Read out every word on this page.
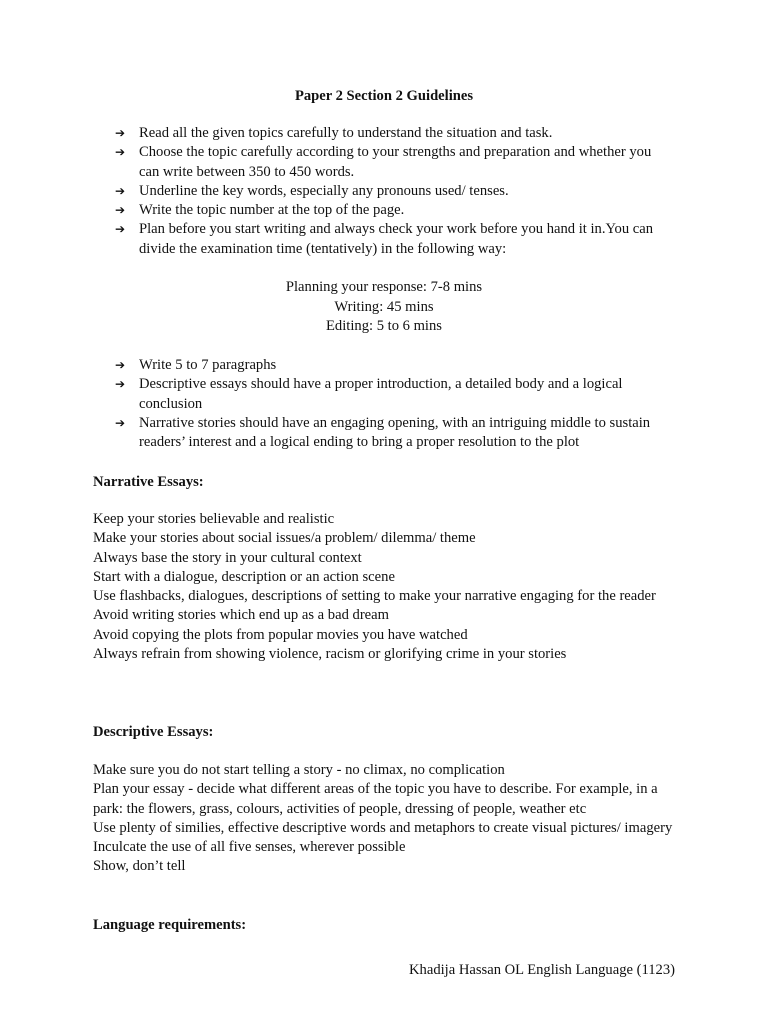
Paper 2 Section 2 Guidelines
➔ Read all the given topics carefully to understand the situation and task.
➔ Choose the topic carefully according to your strengths and preparation and whether you can write between 350 to 450 words.
➔ Underline the key words, especially any pronouns used/ tenses.
➔ Write the topic number at the top of the page.
➔ Plan before you start writing and always check your work before you hand it in.You can divide the examination time (tentatively) in the following way:
Planning your response: 7-8 mins
Writing: 45 mins
Editing: 5 to 6 mins
➔ Write 5 to 7 paragraphs
➔ Descriptive essays should have a proper introduction, a detailed body and a logical conclusion
➔ Narrative stories should have an engaging opening, with an intriguing middle to sustain readers’ interest and a logical ending to bring a proper resolution to the plot
Narrative Essays:
Keep your stories believable and realistic
Make your stories about social issues/a problem/ dilemma/ theme
Always base the story in your cultural context
Start with a dialogue, description or an action scene
Use flashbacks, dialogues, descriptions of setting to make your narrative engaging for the reader
Avoid writing stories which end up as a bad dream
Avoid copying the plots from popular movies you have watched
Always refrain from showing violence, racism or glorifying crime in your stories
Descriptive Essays:
Make sure you do not start telling a story - no climax, no complication
Plan your essay - decide what different areas of the topic you have to describe. For example, in a park: the flowers, grass, colours, activities of people, dressing of people, weather etc
Use plenty of similies, effective descriptive words and metaphors to create visual pictures/ imagery
Inculcate the use of all five senses, wherever possible
Show, don’t tell
Language requirements:
Khadija Hassan OL English Language (1123)
